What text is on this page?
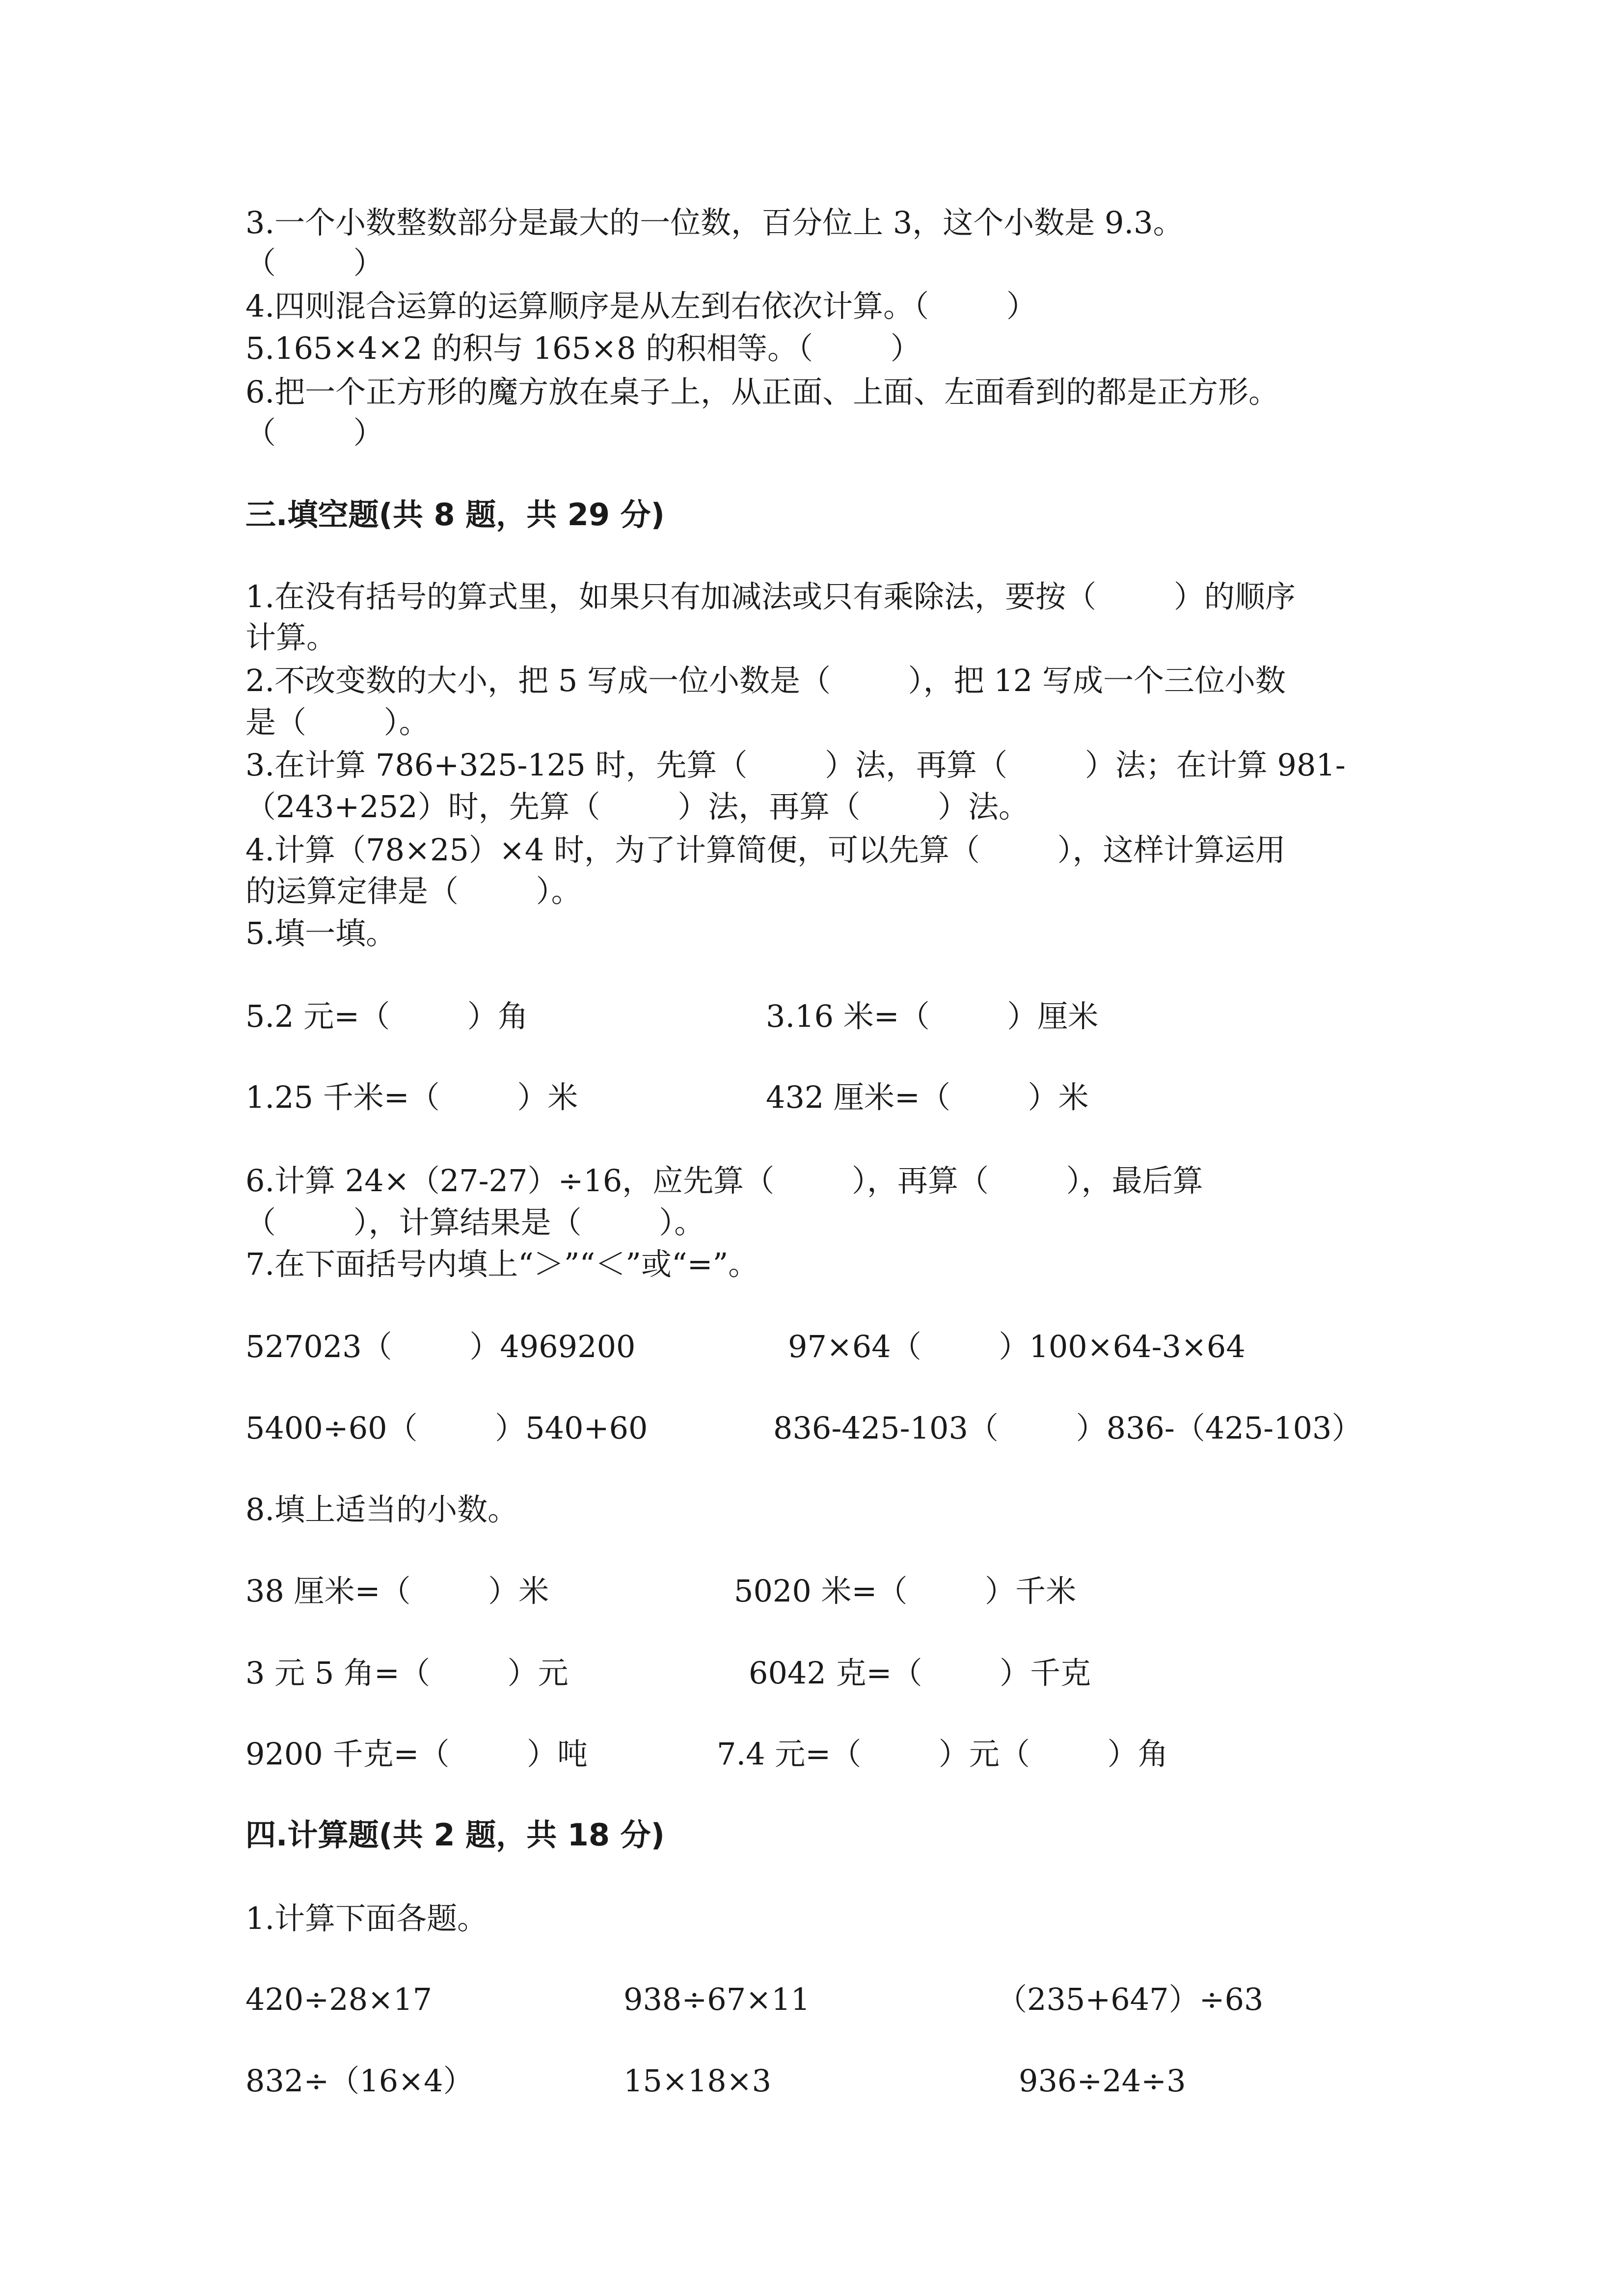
3.一个小数整数部分是最大的一位数，百分位上 3，这个小数是 9.3。
（        ）
4.四则混合运算的运算顺序是从左到右依次计算。（        ）
5.165×4×2 的积与 165×8 的积相等。（        ）
6.把一个正方形的魔方放在桌子上，从正面、上面、左面看到的都是正方形。
（        ）
三.填空题(共 8 题，共 29 分)
1.在没有括号的算式里，如果只有加减法或只有乘除法，要按（        ）的顺序
计算。
2.不改变数的大小，把 5 写成一位小数是（        ），把 12 写成一个三位小数
是（        ）。
3.在计算 786+325-125 时，先算（        ）法，再算（        ）法；在计算 981-
（243+252）时，先算（        ）法，再算（        ）法。
4.计算（78×25）×4 时，为了计算简便，可以先算（        ），这样计算运用
的运算定律是（        ）。
5.填一填。
5.2 元=（        ）角	3.16 米=（        ）厘米
1.25 千米=（        ）米	432 厘米=（        ）米
6.计算 24×（27-27）÷16，应先算（        ），再算（        ），最后算
（        ），计算结果是（        ）。
7.在下面括号内填上“＞”“＜”或“=”。
527023（        ）4969200	97×64（        ）100×64-3×64
5400÷60（        ）540+60	836-425-103（        ）836-（425-103）
8.填上适当的小数。
38 厘米=（        ）米	5020 米=（        ）千米
3 元 5 角=（        ）元	6042 克=（        ）千克
9200 千克=（        ）吨	7.4 元=（        ）元（        ）角
四.计算题(共 2 题，共 18 分)
1.计算下面各题。
420÷28×17	938÷67×11	（235+647）÷63
832÷（16×4）	15×18×3	936÷24÷3
